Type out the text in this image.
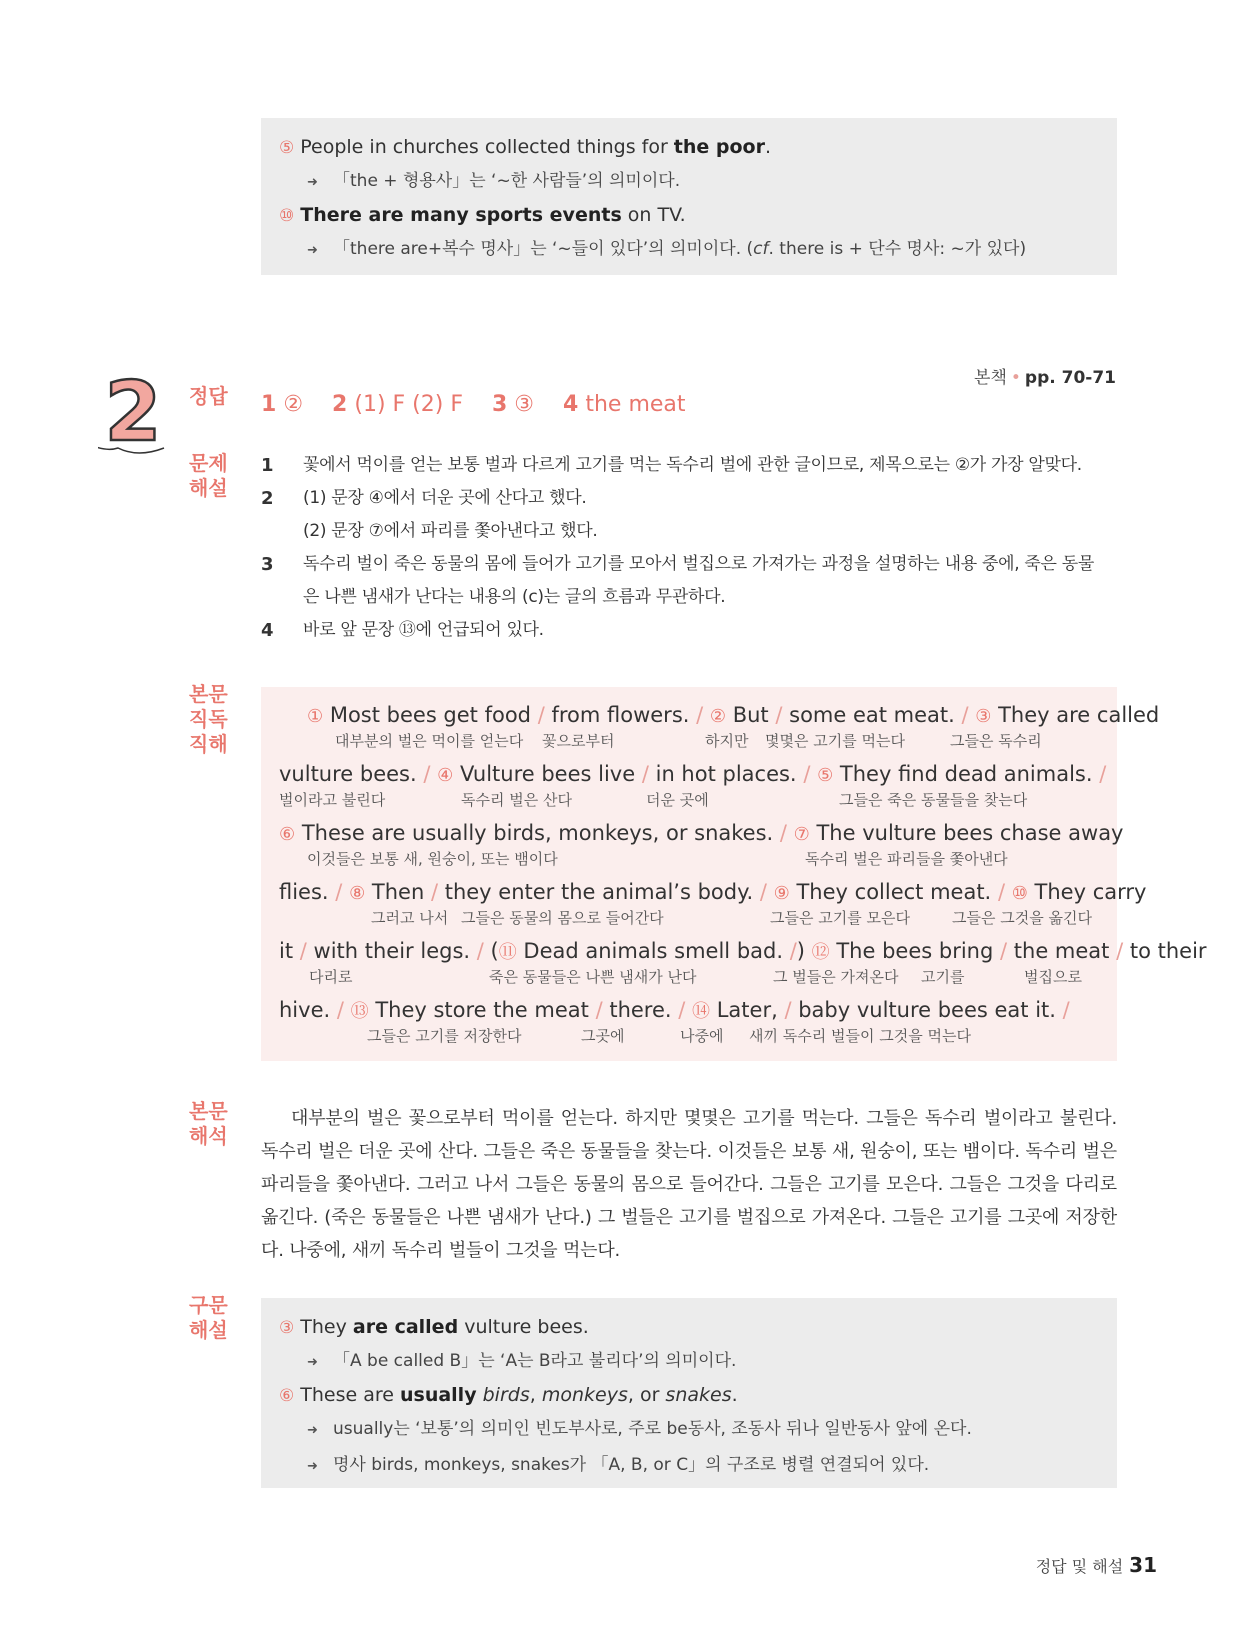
⑤ People in churches collected things for the poor.
➜ 「the + 형용사」는 ‘~한 사람들’의 의미이다.
⑩ There are many sports events on TV.
➜ 「there are+복수 명사」는 ‘~들이 있다’의 의미이다. (cf. there is + 단수 명사: ~가 있다)
2	본책 • pp. 70-71
정답	1 ② 2 (1) F (2) F 3 ③ 4 the meat
문제
해설
1	꽃에서 먹이를 얻는 보통 벌과 다르게 고기를 먹는 독수리 벌에 관한 글이므로, 제목으로는 ②가 가장 알맞다.
2	(1) 문장 ④에서 더운 곳에 산다고 했다.
(2) 문장 ⑦에서 파리를 쫓아낸다고 했다.
3	독수리 벌이 죽은 동물의 몸에 들어가 고기를 모아서 벌집으로 가져가는 과정을 설명하는 내용 중에, 죽은 동물
은 나쁜 냄새가 난다는 내용의 (c)는 글의 흐름과 무관하다.
4	바로 앞 문장 ⑬에 언급되어 있다.
본문
직독
직해
① Most bees get food / from flowers. / ② But / some eat meat. / ③ They are called
대부분의 벌은 먹이를 얻는다 꽃으로부터	하지만 몇몇은 고기를 먹는다	그들은 독수리
vulture bees. / ④ Vulture bees live / in hot places. / ⑤ They find dead animals. /
벌이라고 불린다	독수리 벌은 산다	더운 곳에	그들은 죽은 동물들을 찾는다
⑥ These are usually birds, monkeys, or snakes. / ⑦ The vulture bees chase away
이것들은 보통 새, 원숭이, 또는 뱀이다	독수리 벌은 파리들을 쫓아낸다
flies. / ⑧ Then / they enter the animal’s body. / ⑨ They collect meat. / ⑩ They carry
그러고 나서 그들은 동물의 몸으로 들어간다	그들은 고기를 모은다	그들은 그것을 옮긴다
it / with their legs. / (⑪ Dead animals smell bad. /) ⑫ The bees bring / the meat / to their
다리로	죽은 동물들은 나쁜 냄새가 난다	그 벌들은 가져온다 고기를	벌집으로
hive. / ⑬ They store the meat / there. / ⑭ Later, / baby vulture bees eat it. /
그들은 고기를 저장한다	그곳에	나중에 새끼 독수리 벌들이 그것을 먹는다
본문
해석
대부분의 벌은 꽃으로부터 먹이를 얻는다. 하지만 몇몇은 고기를 먹는다. 그들은 독수리 벌이라고 불린다. 독수리 벌은 더운 곳에 산다. 그들은 죽은 동물들을 찾는다. 이것들은 보통 새, 원숭이, 또는 뱀이다. 독수리 벌은 파리들을 쫓아낸다. 그러고 나서 그들은 동물의 몸으로 들어간다. 그들은 고기를 모은다. 그들은 그것을 다리로 옮긴다. (죽은 동물들은 나쁜 냄새가 난다.) 그 벌들은 고기를 벌집으로 가져온다. 그들은 고기를 그곳에 저장한다. 나중에, 새끼 독수리 벌들이 그것을 먹는다.
구문
해설	③ They are called vulture bees.
➜ 「A be called B」는 ‘A는 B라고 불리다’의 의미이다.
⑥ These are usually birds, monkeys, or snakes.
➜ usually는 ‘보통’의 의미인 빈도부사로, 주로 be동사, 조동사 뒤나 일반동사 앞에 온다.
➜ 명사 birds, monkeys, snakes가 「A, B, or C」의 구조로 병렬 연결되어 있다.
정답 및 해설 31
